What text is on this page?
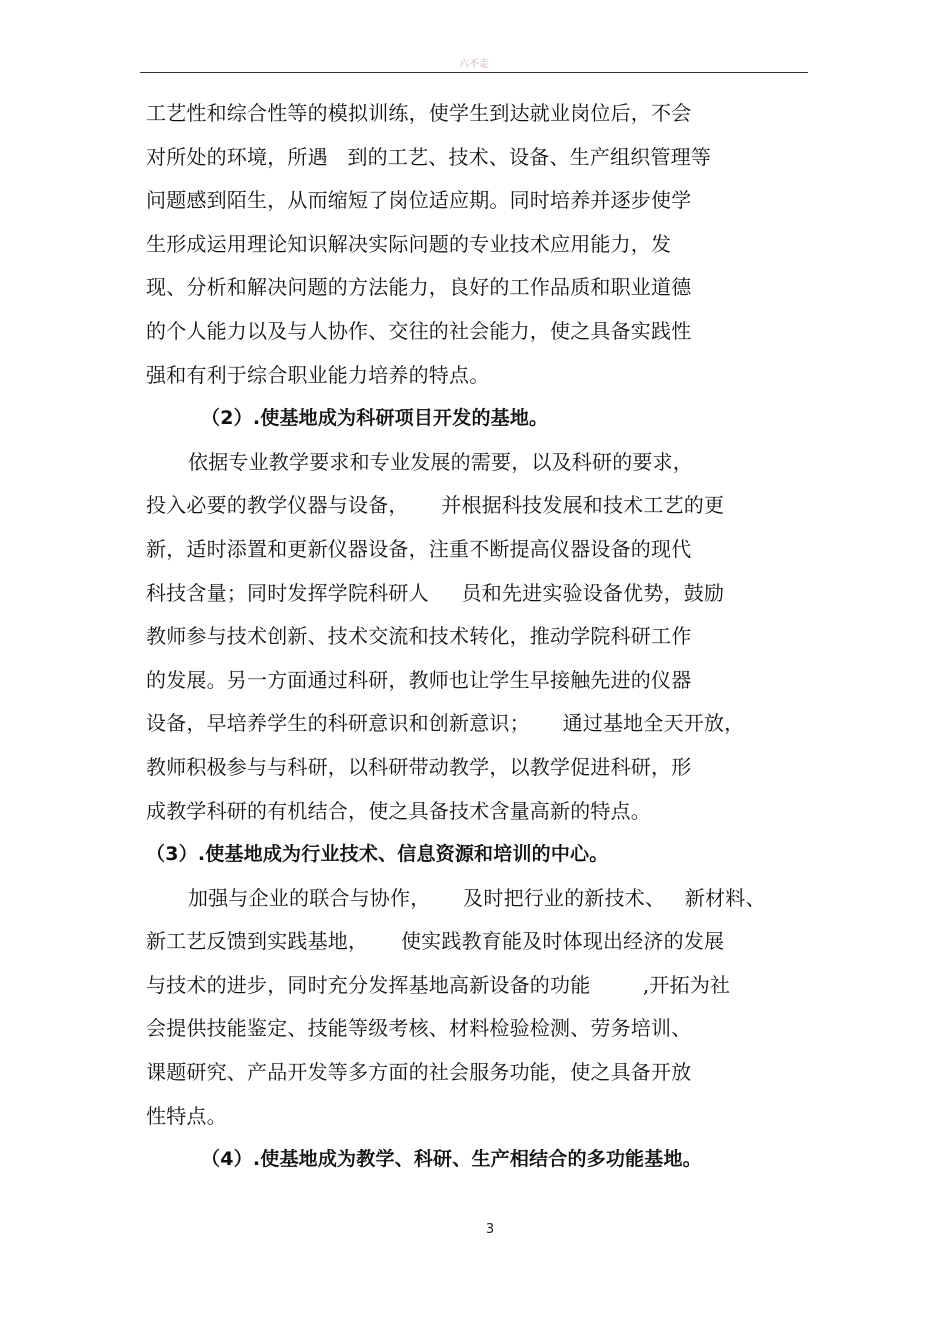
六不走
工艺性和综合性等的模拟训练，使学生到达就业岗位后，不会
对所处的环境，所遇   到的工艺、技术、设备、生产组织管理等
问题感到陌生，从而缩短了岗位适应期。同时培养并逐步使学
生形成运用理论知识解决实际问题的专业技术应用能力，发
现、分析和解决问题的方法能力，良好的工作品质和职业道德
的个人能力以及与人协作、交往的社会能力，使之具备实践性
强和有利于综合职业能力培养的特点。
（2）.使基地成为科研项目开发的基地。
依据专业教学要求和专业发展的需要，以及科研的要求，
投入必要的教学仪器与设备，     并根据科技发展和技术工艺的更
新，适时添置和更新仪器设备，注重不断提高仪器设备的现代
科技含量；同时发挥学院科研人     员和先进实验设备优势，鼓励
教师参与技术创新、技术交流和技术转化，推动学院科研工作
的发展。另一方面通过科研，教师也让学生早接触先进的仪器
设备，早培养学生的科研意识和创新意识；     通过基地全天开放，
教师积极参与与科研，以科研带动教学，以教学促进科研，形
成教学科研的有机结合，使之具备技术含量高新的特点。
（3）.使基地成为行业技术、信息资源和培训的中心。
加强与企业的联合与协作，     及时把行业的新技术、   新材料、
新工艺反馈到实践基地，     使实践教育能及时体现出经济的发展
与技术的进步，同时充分发挥基地高新设备的功能        ,开拓为社
会提供技能鉴定、技能等级考核、材料检验检测、劳务培训、
课题研究、产品开发等多方面的社会服务功能，使之具备开放
性特点。
（4）.使基地成为教学、科研、生产相结合的多功能基地。
3
